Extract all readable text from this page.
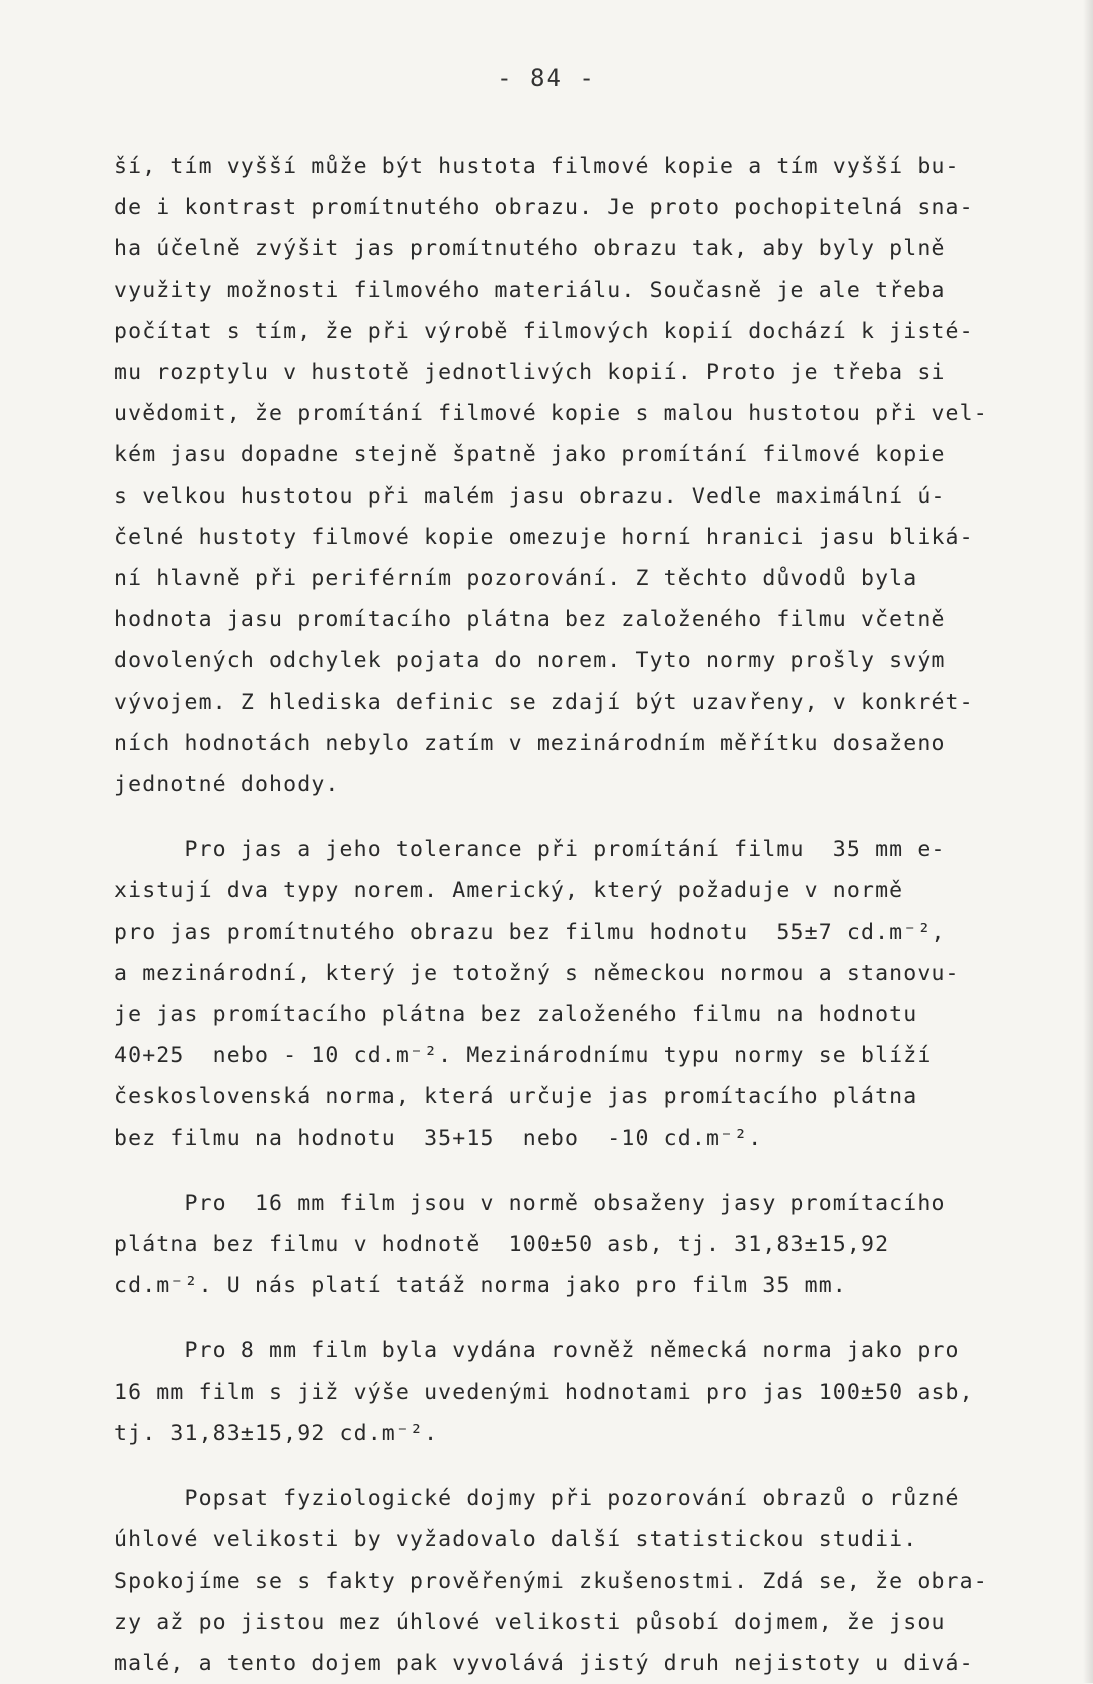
- 84 -
ší, tím vyšší může být hustota filmové kopie a tím vyšší bu-
de i kontrast promítnutého obrazu. Je proto pochopitelná sna-
ha účelně zvýšit jas promítnutého obrazu tak, aby byly plně
využity možnosti filmového materiálu. Současně je ale třeba
počítat s tím, že při výrobě filmových kopií dochází k jisté-
mu rozptylu v hustotě jednotlivých kopií. Proto je třeba si
uvědomit, že promítání filmové kopie s malou hustotou při vel-
kém jasu dopadne stejně špatně jako promítání filmové kopie
s velkou hustotou při malém jasu obrazu. Vedle maximální ú-
čelné hustoty filmové kopie omezuje horní hranici jasu bliká-
ní hlavně při periférním pozorování. Z těchto důvodů byla
hodnota jasu promítacího plátna bez založeného filmu včetně
dovolených odchylek pojata do norem. Tyto normy prošly svým
vývojem. Z hlediska definic se zdají být uzavřeny, v konkrét-
ních hodnotách nebylo zatím v mezinárodním měřítku dosaženo
jednotné dohody.
Pro jas a jeho tolerance při promítání filmu  35 mm e-
xistují dva typy norem. Americký, který požaduje v normě
pro jas promítnutého obrazu bez filmu hodnotu  55±7 cd.m⁻²,
a mezinárodní, který je totožný s německou normou a stanovu-
je jas promítacího plátna bez založeného filmu na hodnotu
40+25  nebo - 10 cd.m⁻². Mezinárodnímu typu normy se blíží
československá norma, která určuje jas promítacího plátna
bez filmu na hodnotu  35+15  nebo  -10 cd.m⁻².
Pro  16 mm film jsou v normě obsaženy jasy promítacího
plátna bez filmu v hodnotě  100±50 asb, tj. 31,83±15,92
cd.m⁻². U nás platí tatáž norma jako pro film 35 mm.
Pro 8 mm film byla vydána rovněž německá norma jako pro
16 mm film s již výše uvedenými hodnotami pro jas 100±50 asb,
tj. 31,83±15,92 cd.m⁻².
Popsat fyziologické dojmy při pozorování obrazů o různé
úhlové velikosti by vyžadovalo další statistickou studii.
Spokojíme se s fakty prověřenými zkušenostmi. Zdá se, že obra-
zy až po jistou mez úhlové velikosti působí dojmem, že jsou
malé, a tento dojem pak vyvolává jistý druh nejistoty u divá-
